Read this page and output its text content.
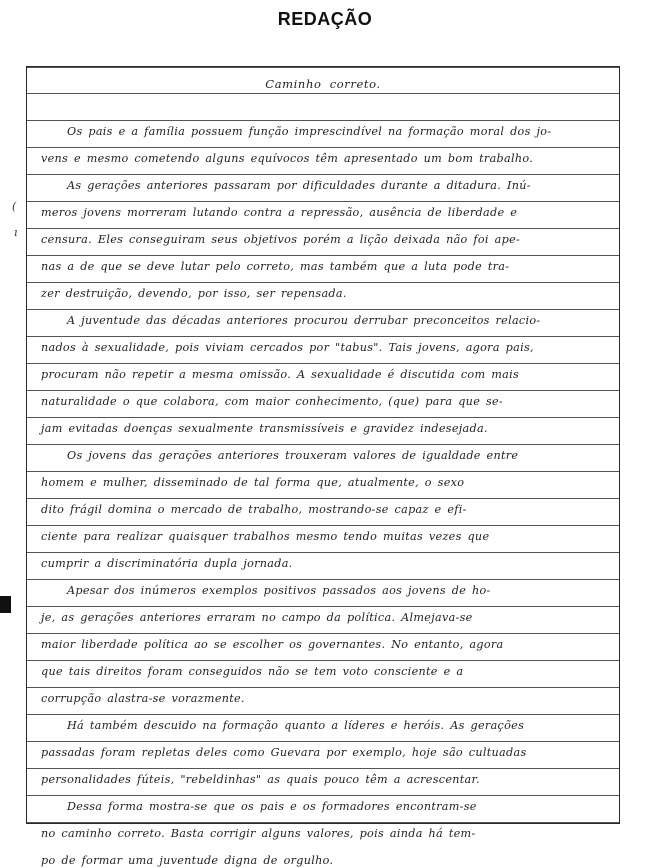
REDAÇÃO
Caminho correto.
Os pais e a família possuem função imprescindível na formação moral dos jo-
vens e mesmo cometendo alguns equívocos têm apresentado um bom trabalho.
As gerações anteriores passaram por dificuldades durante a ditadura. Inú-
meros jovens morreram lutando contra a repressão, ausência de liberdade e
censura. Eles conseguiram seus objetivos porém a lição deixada não foi ape-
nas a de que se deve lutar pelo correto, mas também que a luta pode tra-
zer destruição, devendo, por isso, ser repensada.
A juventude das décadas anteriores procurou derrubar preconceitos relacio-
nados à sexualidade, pois viviam cercados por "tabus". Tais jovens, agora pais,
procuram não repetir a mesma omissão. A sexualidade é discutida com mais
naturalidade o que colabora, com maior conhecimento, (que) para que se-
jam evitadas doenças sexualmente transmissíveis e gravidez indesejada.
Os jovens das gerações anteriores trouxeram valores de igualdade entre
homem e mulher, disseminado de tal forma que, atualmente, o sexo
dito frágil domina o mercado de trabalho, mostrando-se capaz e efi-
ciente para realizar quaisquer trabalhos mesmo tendo muitas vezes que
cumprir a discriminatória dupla jornada.
Apesar dos inúmeros exemplos positivos passados aos jovens de ho-
je, as gerações anteriores erraram no campo da política. Almejava-se
maior liberdade política ao se escolher os governantes. No entanto, agora
que tais direitos foram conseguidos não se tem voto consciente e a
corrupção alastra-se vorazmente.
Há também descuido na formação quanto a líderes e heróis. As gerações
passadas foram repletas deles como Guevara por exemplo, hoje são cultuadas
personalidades fúteis, "rebeldinhas" as quais pouco têm a acrescentar.
Dessa forma mostra-se que os pais e os formadores encontram-se
no caminho correto. Basta corrigir alguns valores, pois ainda há tem-
po de formar uma juventude digna de orgulho.
(
ı
